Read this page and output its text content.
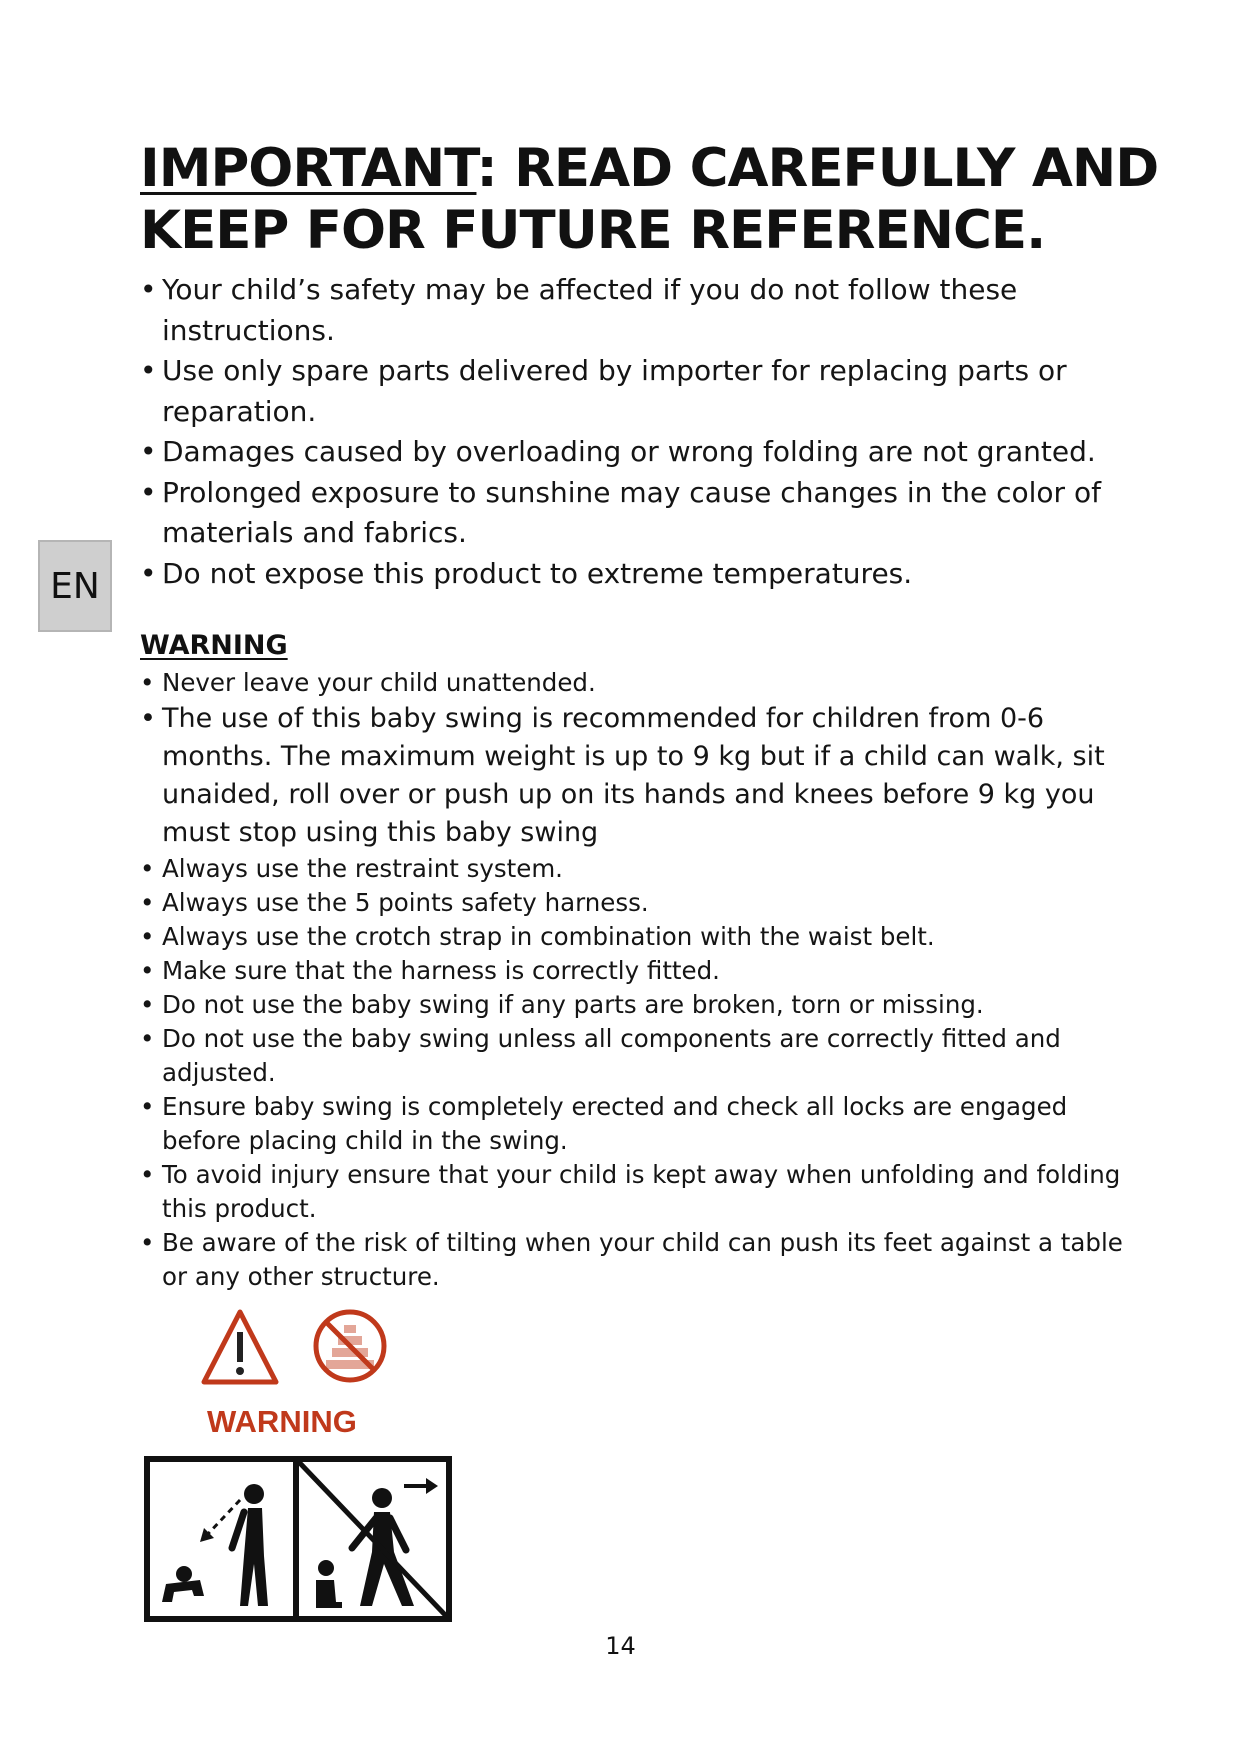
IMPORTANT: READ CAREFULLY AND KEEP FOR FUTURE REFERENCE.
• Your child’s safety may be affected if you do not follow these instructions.
• Use only spare parts delivered by importer for replacing parts or reparation.
• Damages caused by overloading or wrong folding are not granted.
• Prolonged exposure to sunshine may cause changes in the color of materials and fabrics.
• Do not expose this product to extreme temperatures.
EN
WARNING
• Never leave your child unattended.
• The use of this baby swing is recommended for children from 0-6 months. The maximum weight is up to 9 kg but if a child can walk, sit unaided, roll over or push up on its hands and knees before 9 kg you must stop using this baby swing
• Always use the restraint system.
• Always use the 5 points safety harness.
• Always use the crotch strap in combination with the waist belt.
• Make sure that the harness is correctly fitted.
• Do not use the baby swing if any parts are broken, torn or missing.
• Do not use the baby swing unless all components are correctly fitted and adjusted.
• Ensure baby swing is completely erected and check all locks are engaged before placing child in the swing.
• To avoid injury ensure that your child is kept away when unfolding and folding this product.
• Be aware of the risk of tilting when your child can push its feet against a table or any other structure.

WARNING

14
